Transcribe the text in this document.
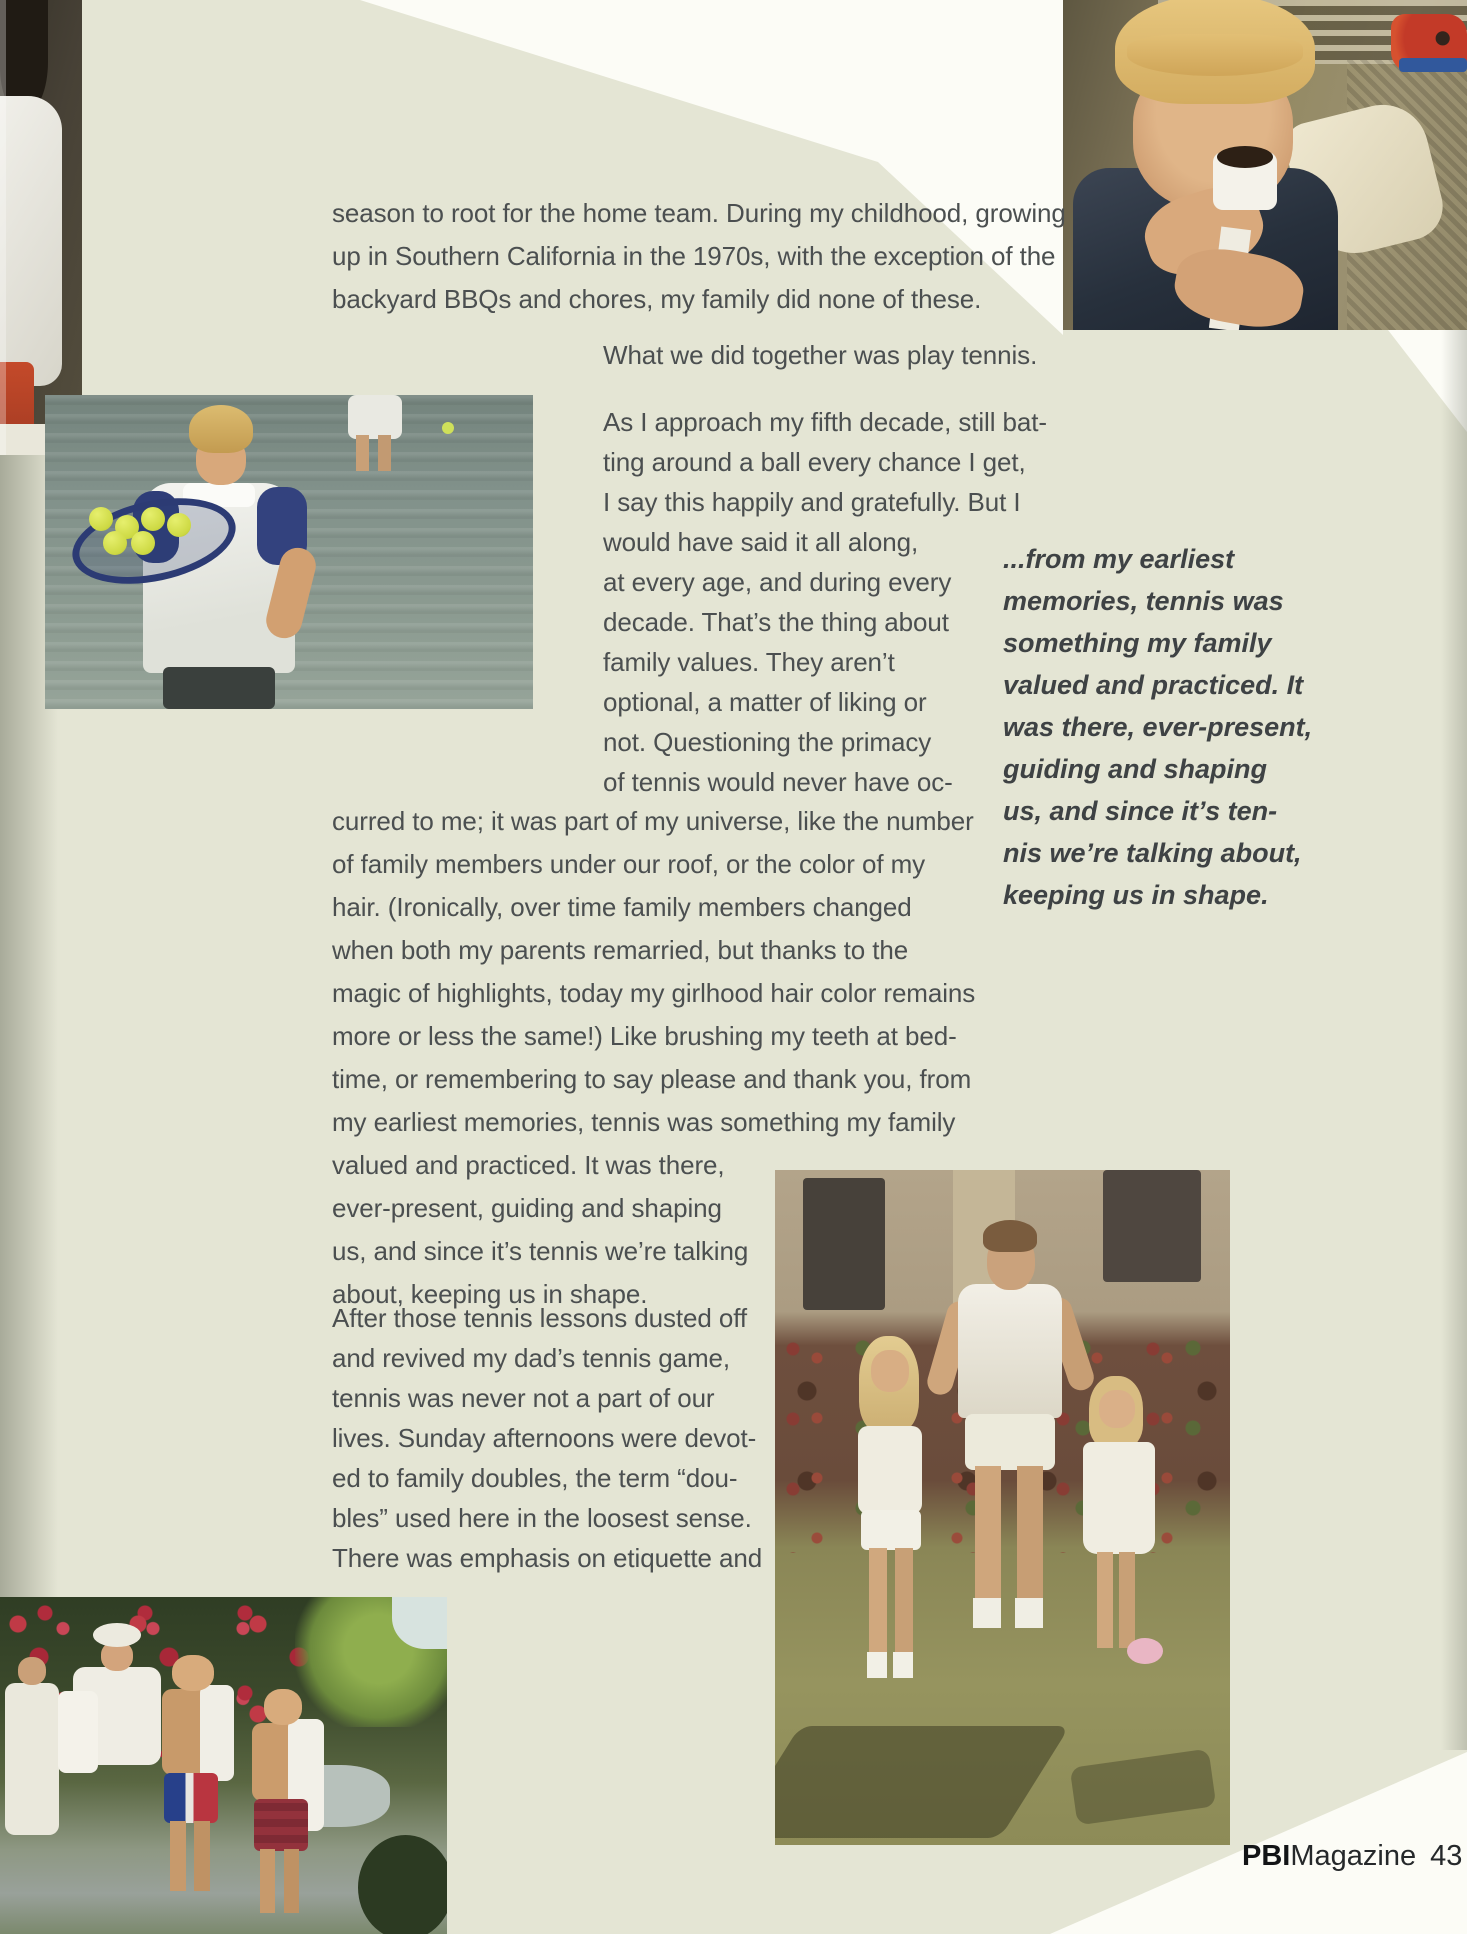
season to root for the home team. During my childhood, growing
up in Southern California in the 1970s, with the exception of the
backyard BBQs and chores, my family did none of these.
What we did together was play tennis.
As I approach my fifth decade, still bat-
ting around a ball every chance I get,
I say this happily and gratefully. But I
would have said it all along,
at every age, and during every
decade. That’s the thing about
family values. They aren’t
optional, a matter of liking or
not. Questioning the primacy
of tennis would never have oc-
curred to me; it was part of my universe, like the number
of family members under our roof, or the color of my
hair. (Ironically, over time family members changed
when both my parents remarried, but thanks to the
magic of highlights, today my girlhood hair color remains
more or less the same!) Like brushing my teeth at bed-
time, or remembering to say please and thank you, from
my earliest memories, tennis was something my family
valued and practiced. It was there,
ever-present, guiding and shaping
us, and since it’s tennis we’re talking
about, keeping us in shape.
After those tennis lessons dusted off
and revived my dad’s tennis game,
tennis was never not a part of our
lives. Sunday afternoons were devot-
ed to family doubles, the term “dou-
bles” used here in the loosest sense.
There was emphasis on etiquette and
...from my earliest
memories, tennis was
something my family
valued and practiced. It
was there, ever-present,
guiding and shaping
us, and since it’s ten-
nis we’re talking about,
keeping us in shape.
PBIMagazine 43
